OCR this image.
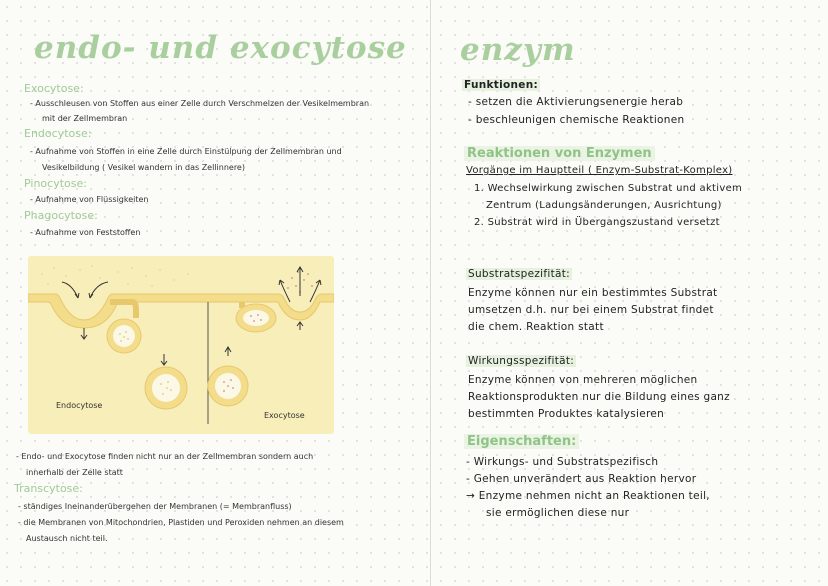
endo- und exocytose
Exocytose:
- Ausschleusen von Stoffen aus einer Zelle durch Verschmelzen der Vesikelmembran
mit der Zellmembran
Endocytose:
- Aufnahme von Stoffen in eine Zelle durch Einstülpung der Zellmembran und
Vesikelbildung ( Vesikel wandern in das Zellinnere)
Pinocytose:
- Aufnahme von Flüssigkeiten
Phagocytose:
- Aufnahme von Feststoffen
Endocytose
Exocytose
- Endo- und Exocytose finden nicht nur an der Zellmembran sondern auch
innerhalb der Zelle statt
Transcytose:
- ständiges Ineinanderübergehen der Membranen (= Membranfluss)
- die Membranen von Mitochondrien, Plastiden und Peroxiden nehmen an diesem
Austausch nicht teil.
enzym
Funktionen:
- setzen die Aktivierungsenergie herab
- beschleunigen chemische Reaktionen
Reaktionen von Enzymen
Vorgänge im Hauptteil ( Enzym-Substrat-Komplex)
1. Wechselwirkung zwischen Substrat und aktivem
Zentrum (Ladungsänderungen, Ausrichtung)
2. Substrat wird in Übergangszustand versetzt
Substratspezifität:
Enzyme können nur ein bestimmtes Substrat
umsetzen d.h. nur bei einem Substrat findet
die chem. Reaktion statt
Wirkungsspezifität:
Enzyme können von mehreren möglichen
Reaktionsprodukten nur die Bildung eines ganz
bestimmten Produktes katalysieren
Eigenschaften:
- Wirkungs- und Substratspezifisch
- Gehen unverändert aus Reaktion hervor
→ Enzyme nehmen nicht an Reaktionen teil,
sie ermöglichen diese nur
